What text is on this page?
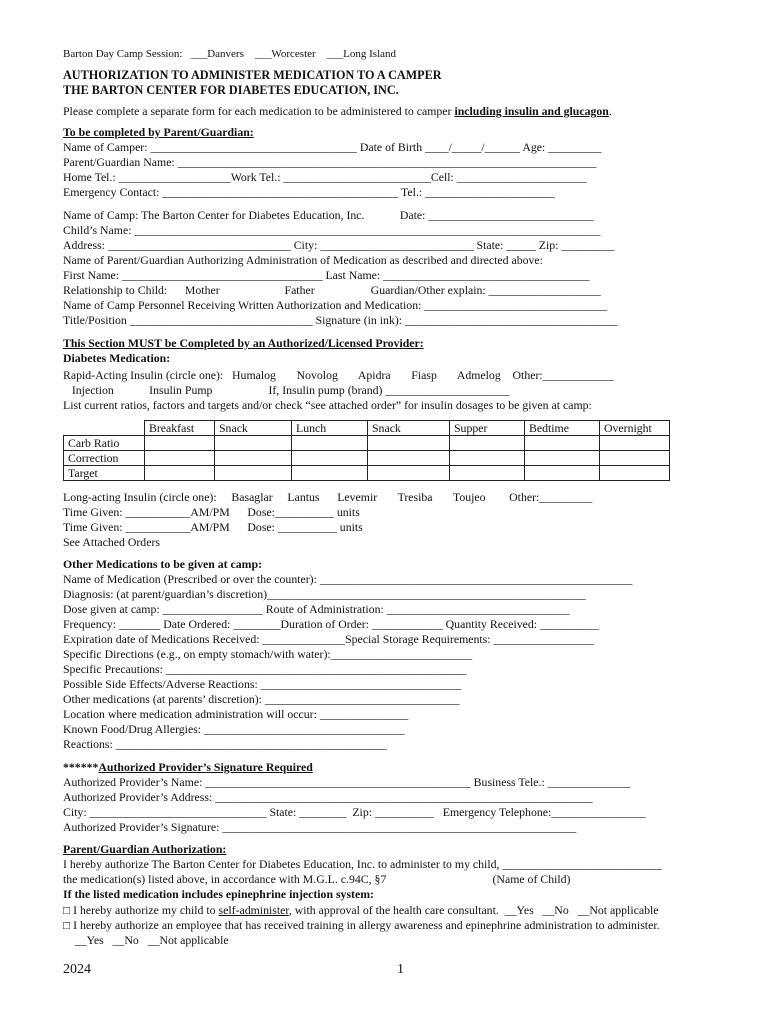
Barton Day Camp Session:   ___Danvers    ___Worcester    ___Long Island
AUTHORIZATION TO ADMINISTER MEDICATION TO A CAMPER
THE BARTON CENTER FOR DIABETES EDUCATION, INC.
Please complete a separate form for each medication to be administered to camper including insulin and glucagon.
To be completed by Parent/Guardian:
Name of Camper: ___________________________________ Date of Birth ____/_____/______ Age: _________
Parent/Guardian Name: _______________________________________________________________________
Home Tel.: ___________________Work Tel.: _________________________Cell: ______________________
Emergency Contact: ________________________________________ Tel.: ______________________
Name of Camp: The Barton Center for Diabetes Education, Inc.            Date: ____________________________
Child’s Name: _______________________________________________________________________________
Address: _______________________________ City: __________________________ State: _____ Zip: _________
Name of Parent/Guardian Authorizing Administration of Medication as described and directed above:
First Name: __________________________________ Last Name: ___________________________________
Relationship to Child:      Mother                      Father                   Guardian/Other explain: ___________________
Name of Camp Personnel Receiving Written Authorization and Medication: _______________________________
Title/Position _______________________________ Signature (in ink): ____________________________________
This Section MUST be Completed by an Authorized/Licensed Provider:
Diabetes Medication:
Rapid-Acting Insulin (circle one):   Humalog       Novolog       Apidra       Fiasp       Admelog    Other:____________
Injection            Insulin Pump                   If, Insulin pump (brand) _____________________
List current ratios, factors and targets and/or check “see attached order” for insulin dosages to be given at camp:
	Breakfast	Snack	Lunch	Snack	Supper	Bedtime	Overnight
Carb Ratio							
Correction							
Target							
Long-acting Insulin (circle one):     Basaglar     Lantus      Levemir       Tresiba       Toujeo        Other:_________
Time Given: ___________AM/PM      Dose:__________ units
Time Given: ___________AM/PM      Dose: __________ units
See Attached Orders
Other Medications to be given at camp:
Name of Medication (Prescribed or over the counter): _____________________________________________________
Diagnosis: (at parent/guardian’s discretion)______________________________________________________
Dose given at camp: _________________ Route of Administration: _______________________________
Frequency: _______ Date Ordered: ________Duration of Order: ____________ Quantity Received: __________
Expiration date of Medications Received: ______________Special Storage Requirements: _________________
Specific Directions (e.g., on empty stomach/with water):________________________
Specific Precautions: ___________________________________________________
Possible Side Effects/Adverse Reactions: __________________________________
Other medications (at parents’ discretion): _________________________________
Location where medication administration will occur: _______________
Known Food/Drug Allergies: __________________________________
Reactions: ______________________________________________
******Authorized Provider’s Signature Required
Authorized Provider’s Name: _____________________________________________ Business Tele.: ______________
Authorized Provider’s Address: ________________________________________________________________
City: ______________________________ State: ________  Zip: __________   Emergency Telephone:________________
Authorized Provider’s Signature: ____________________________________________________________
Parent/Guardian Authorization:
I hereby authorize The Barton Center for Diabetes Education, Inc. to administer to my child, ___________________________
the medication(s) listed above, in accordance with M.G.L. c.94C, §7                                    (Name of Child)
If the listed medication includes epinephrine injection system:
□ I hereby authorize my child to self-administer, with approval of the health care consultant.  __Yes   __No   __Not applicable
□ I hereby authorize an employee that has received training in allergy awareness and epinephrine administration to administer.
__Yes   __No   __Not applicable
2024	1
